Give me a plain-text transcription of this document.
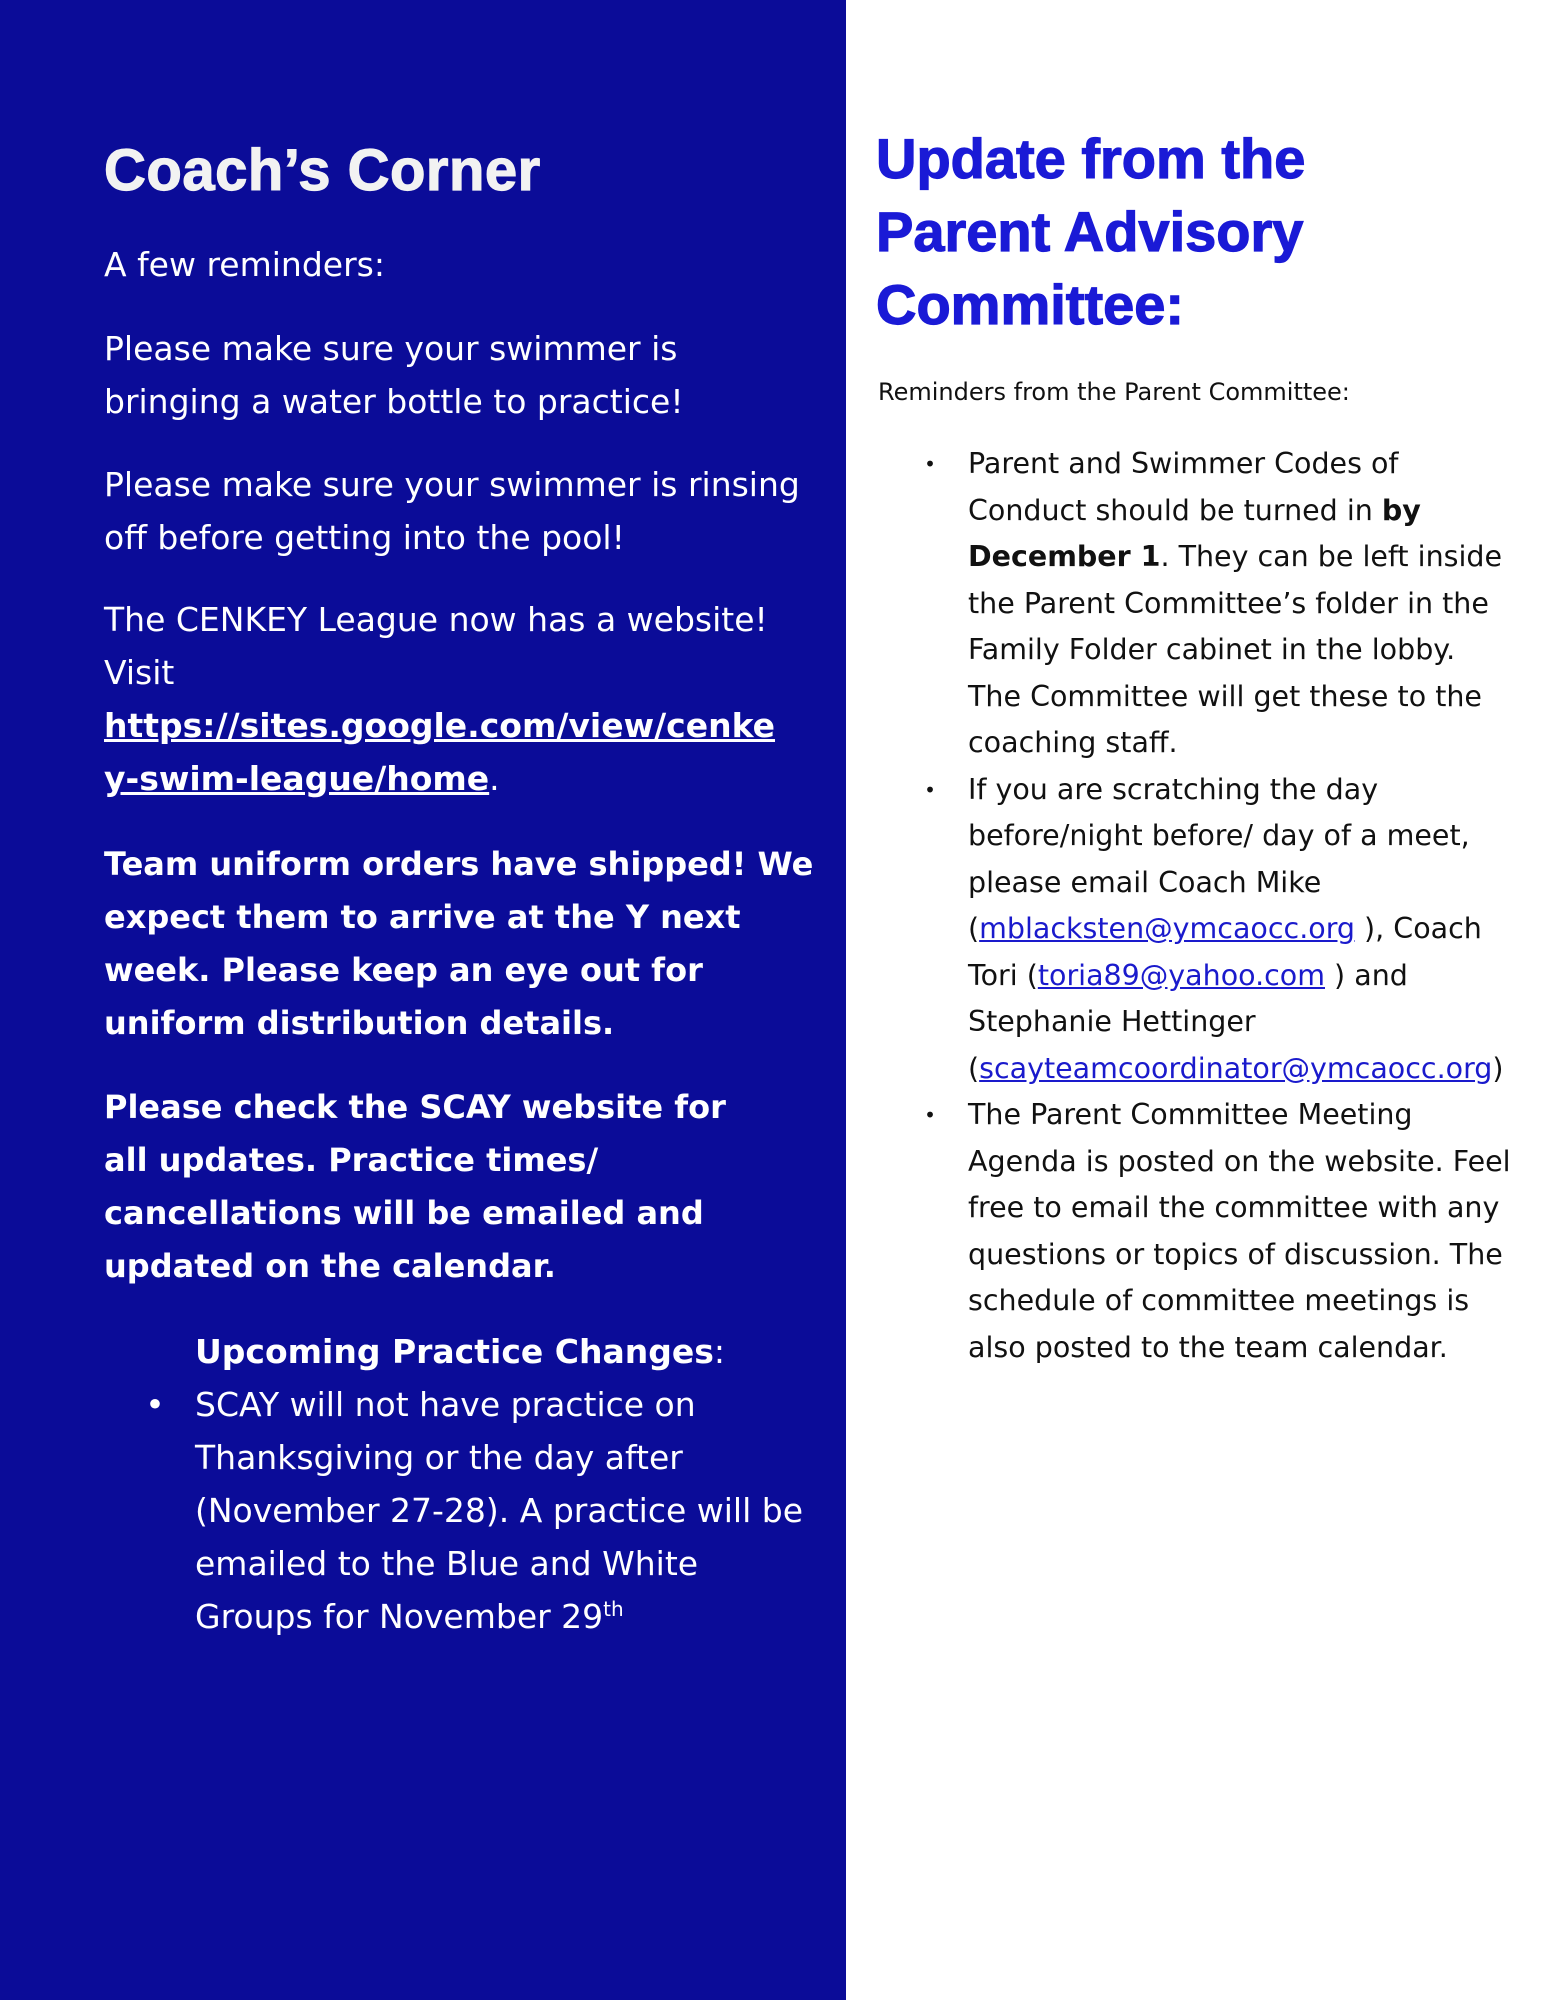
Coach’s Corner

A few reminders:

Please make sure your swimmer is bringing a water bottle to practice!

Please make sure your swimmer is rinsing off before getting into the pool!

The CENKEY League now has a website! Visit
https://sites.google.com/view/cenkey-swim-league/home.

Team uniform orders have shipped! We expect them to arrive at the Y next week. Please keep an eye out for uniform distribution details.

Please check the SCAY website for all updates. Practice times/ cancellations will be emailed and updated on the calendar.

Upcoming Practice Changes:

• SCAY will not have practice on Thanksgiving or the day after (November 27-28). A practice will be emailed to the Blue and White Groups for November 29th
Update from the Parent Advisory Committee:

Reminders from the Parent Committee:

• Parent and Swimmer Codes of Conduct should be turned in by December 1. They can be left inside the Parent Committee’s folder in the Family Folder cabinet in the lobby. The Committee will get these to the coaching staff.
• If you are scratching the day before/night before/ day of a meet, please email Coach Mike (mblacksten@ymcaocc.org ), Coach Tori (toria89@yahoo.com ) and Stephanie Hettinger (scayteamcoordinator@ymcaocc.org)
• The Parent Committee Meeting Agenda is posted on the website. Feel free to email the committee with any questions or topics of discussion. The schedule of committee meetings is also posted to the team calendar.
